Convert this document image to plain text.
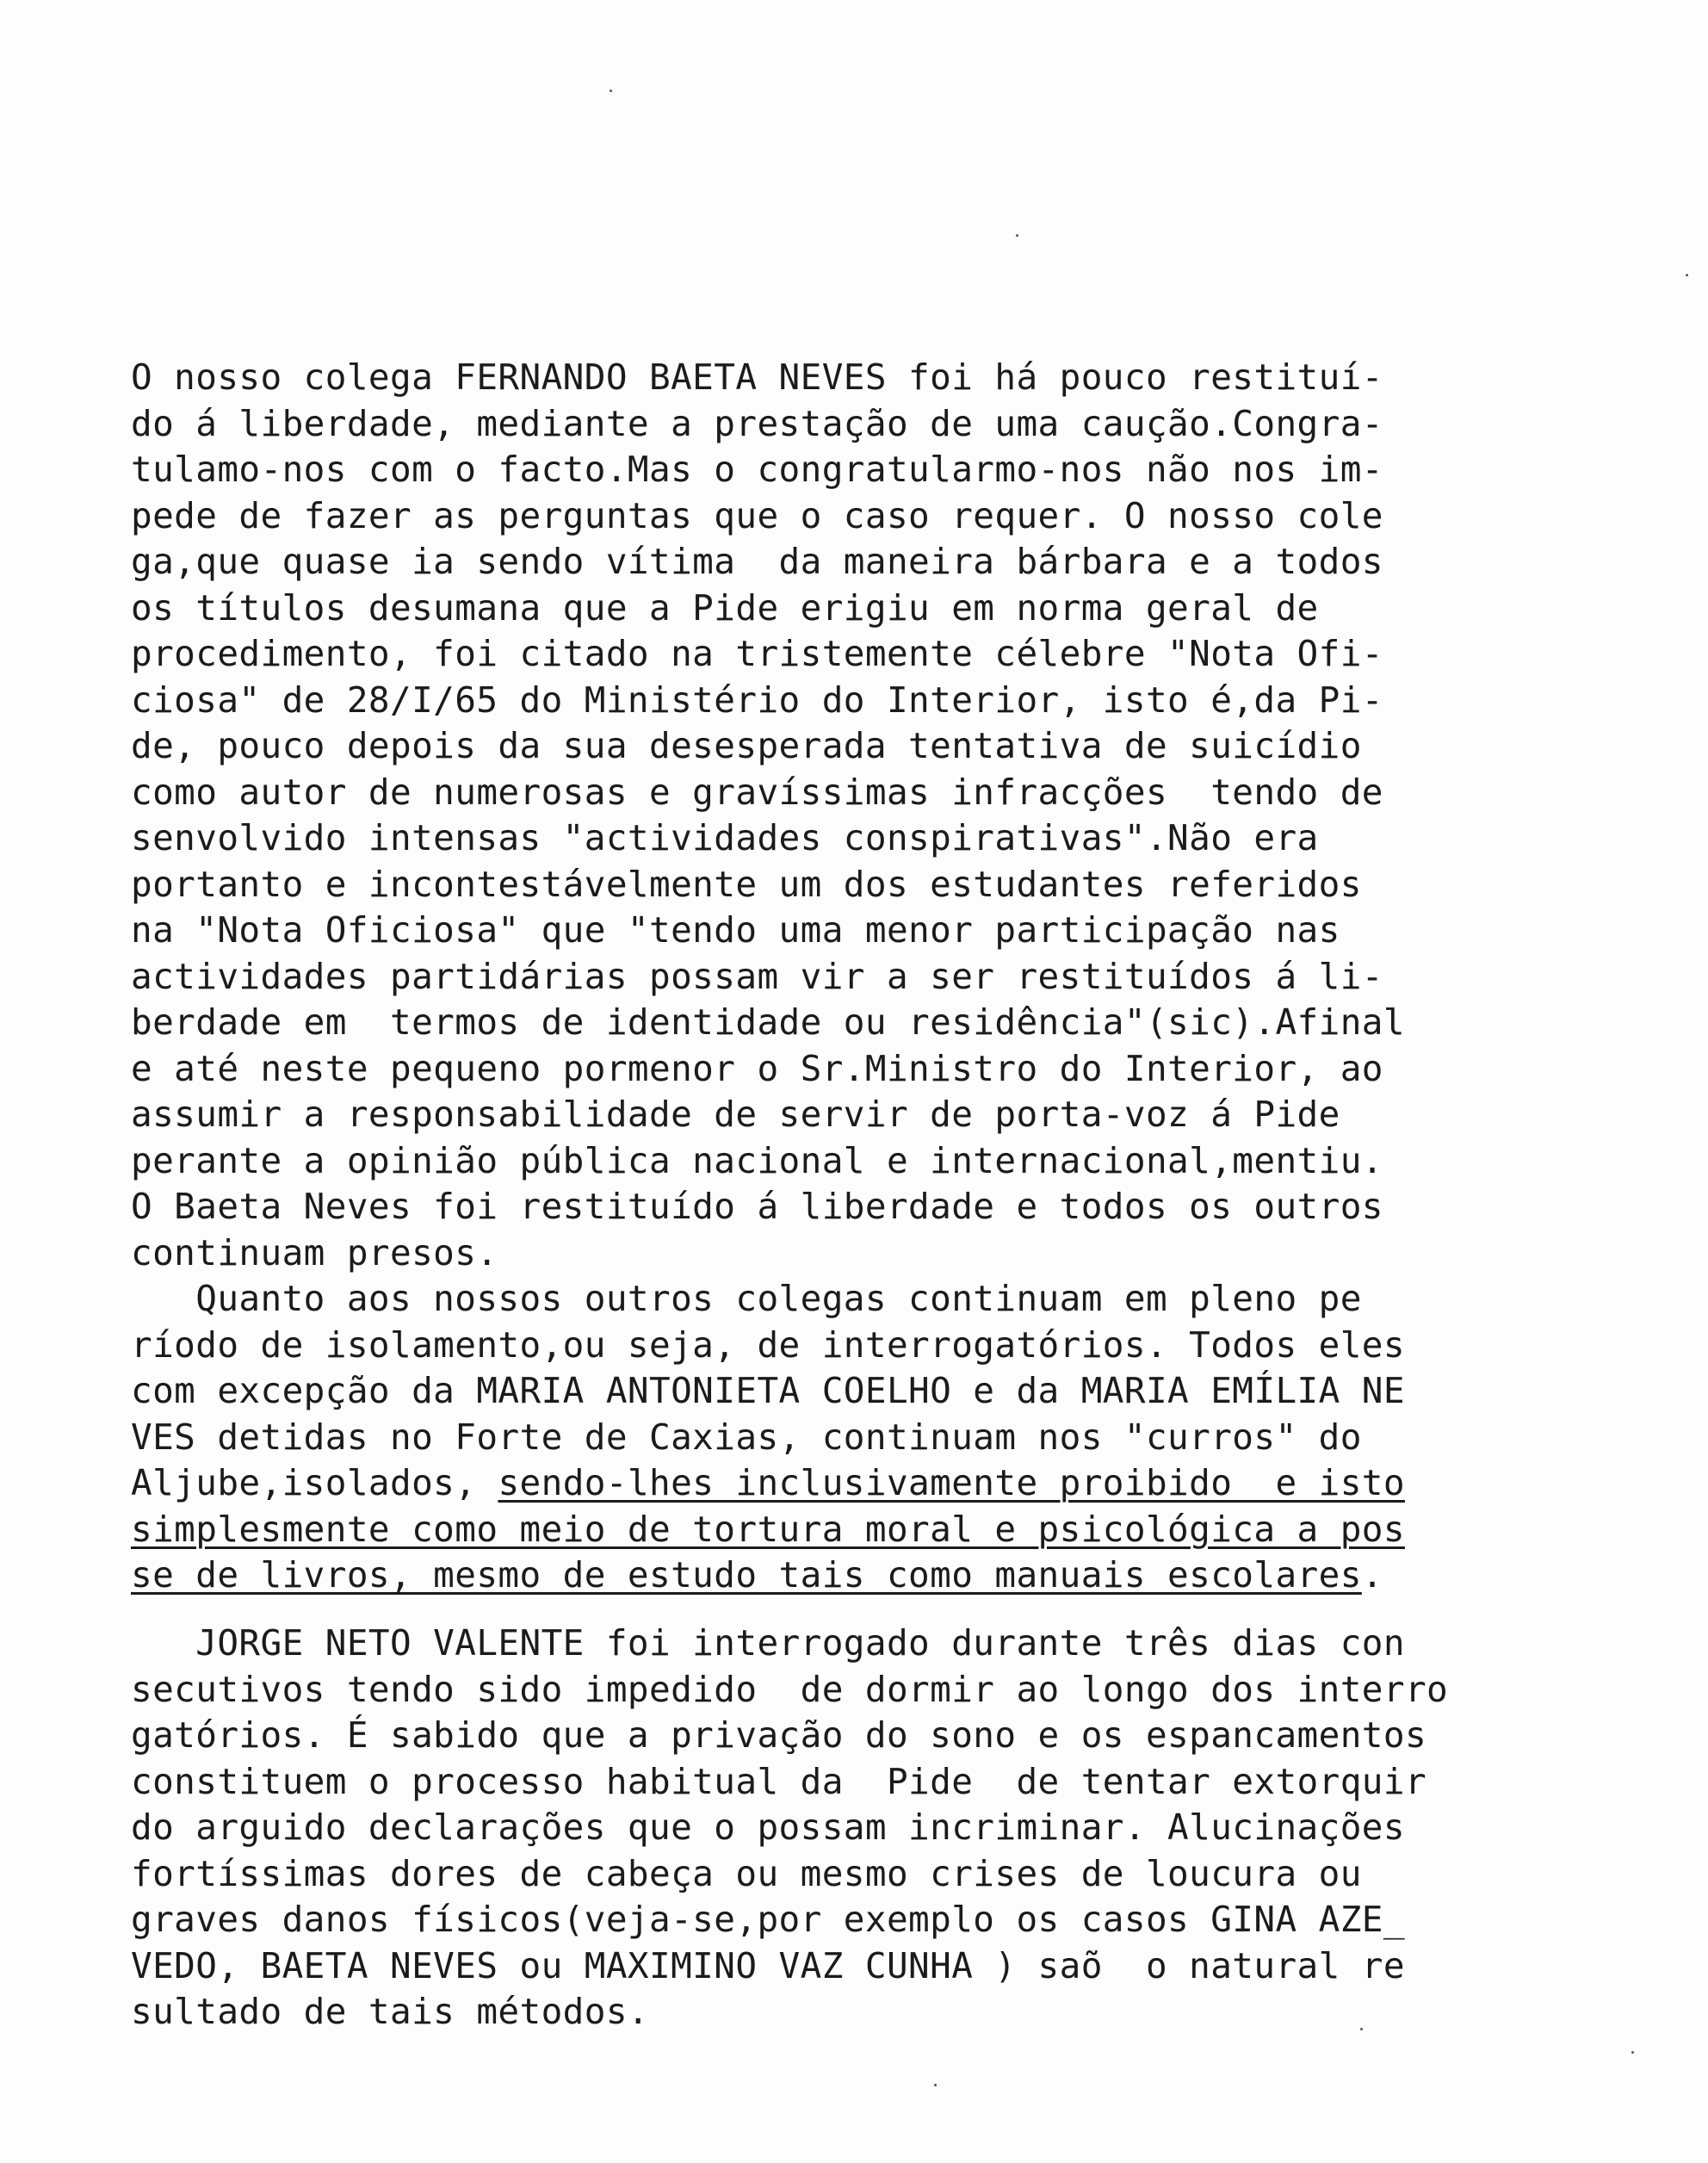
O nosso colega FERNANDO BAETA NEVES foi há pouco restituí-
do á liberdade, mediante a prestação de uma caução.Congra-
tulamo-nos com o facto.Mas o congratularmo-nos não nos im-
pede de fazer as perguntas que o caso requer. O nosso cole
ga,que quase ia sendo vítima  da maneira bárbara e a todos
os títulos desumana que a Pide erigiu em norma geral de
procedimento, foi citado na tristemente célebre "Nota Ofi-
ciosa" de 28/I/65 do Ministério do Interior, isto é,da Pi-
de, pouco depois da sua desesperada tentativa de suicídio
como autor de numerosas e gravíssimas infracções  tendo de
senvolvido intensas "actividades conspirativas".Não era
portanto e incontestávelmente um dos estudantes referidos
na "Nota Oficiosa" que "tendo uma menor participação nas
actividades partidárias possam vir a ser restituídos á li-
berdade em  termos de identidade ou residência"(sic).Afinal
e até neste pequeno pormenor o Sr.Ministro do Interior, ao
assumir a responsabilidade de servir de porta-voz á Pide
perante a opinião pública nacional e internacional,mentiu.
O Baeta Neves foi restituído á liberdade e todos os outros
continuam presos.
Quanto aos nossos outros colegas continuam em pleno pe
ríodo de isolamento,ou seja, de interrogatórios. Todos eles
com excepção da MARIA ANTONIETA COELHO e da MARIA EMÍLIA NE
VES detidas no Forte de Caxias, continuam nos "curros" do
Aljube,isolados, sendo-lhes inclusivamente proibido  e isto
simplesmente como meio de tortura moral e psicológica a pos
se de livros, mesmo de estudo tais como manuais escolares.
JORGE NETO VALENTE foi interrogado durante três dias con
secutivos tendo sido impedido  de dormir ao longo dos interro
gatórios. É sabido que a privação do sono e os espancamentos
constituem o processo habitual da  Pide  de tentar extorquir
do arguido declarações que o possam incriminar. Alucinações
fortíssimas dores de cabeça ou mesmo crises de loucura ou
graves danos físicos(veja-se,por exemplo os casos GINA AZE_
VEDO, BAETA NEVES ou MAXIMINO VAZ CUNHA ) saõ  o natural re
sultado de tais métodos.
